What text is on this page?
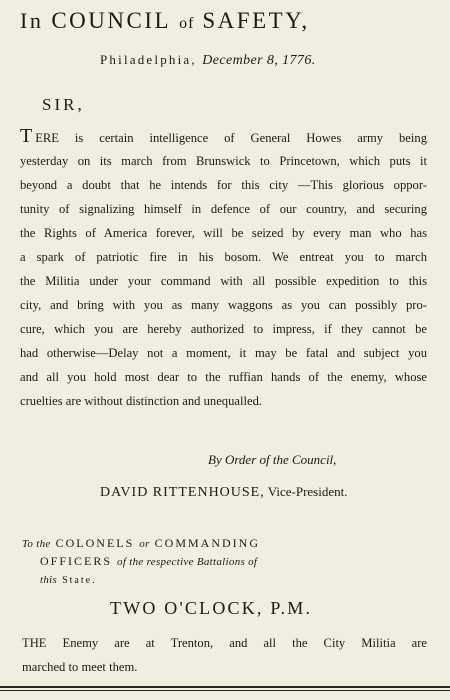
In COUNCIL of SAFETY,
Philadelphia, December 8, 1776.
SIR,
TERE is certain intelligence of General Howes army being
yesterday on its march from Brunswick to Princetown, which puts it
beyond a doubt that he intends for this city —This glorious oppor-
tunity of signalizing himself in defence of our country, and securing
the Rights of America forever, will be seized by every man who has
a spark of patriotic fire in his bosom. We entreat you to march
the Militia under your command with all possible expedition to this
city, and bring with you as many waggons as you can possibly pro-
cure, which you are hereby authorized to impress, if they cannot be
had otherwise—Delay not a moment, it may be fatal and subject you
and all you hold most dear to the ruffian hands of the enemy, whose
cruelties are without distinction and unequalled.
By Order of the Council,
DAVID RITTENHOUSE, Vice-President.
To the COLONELS or COMMANDING
OFFICERS of the respective Battalions of
this State.
TWO O'CLOCK, P.M.
THE Enemy are at Trenton, and all the City Militia are
marched to meet them.
